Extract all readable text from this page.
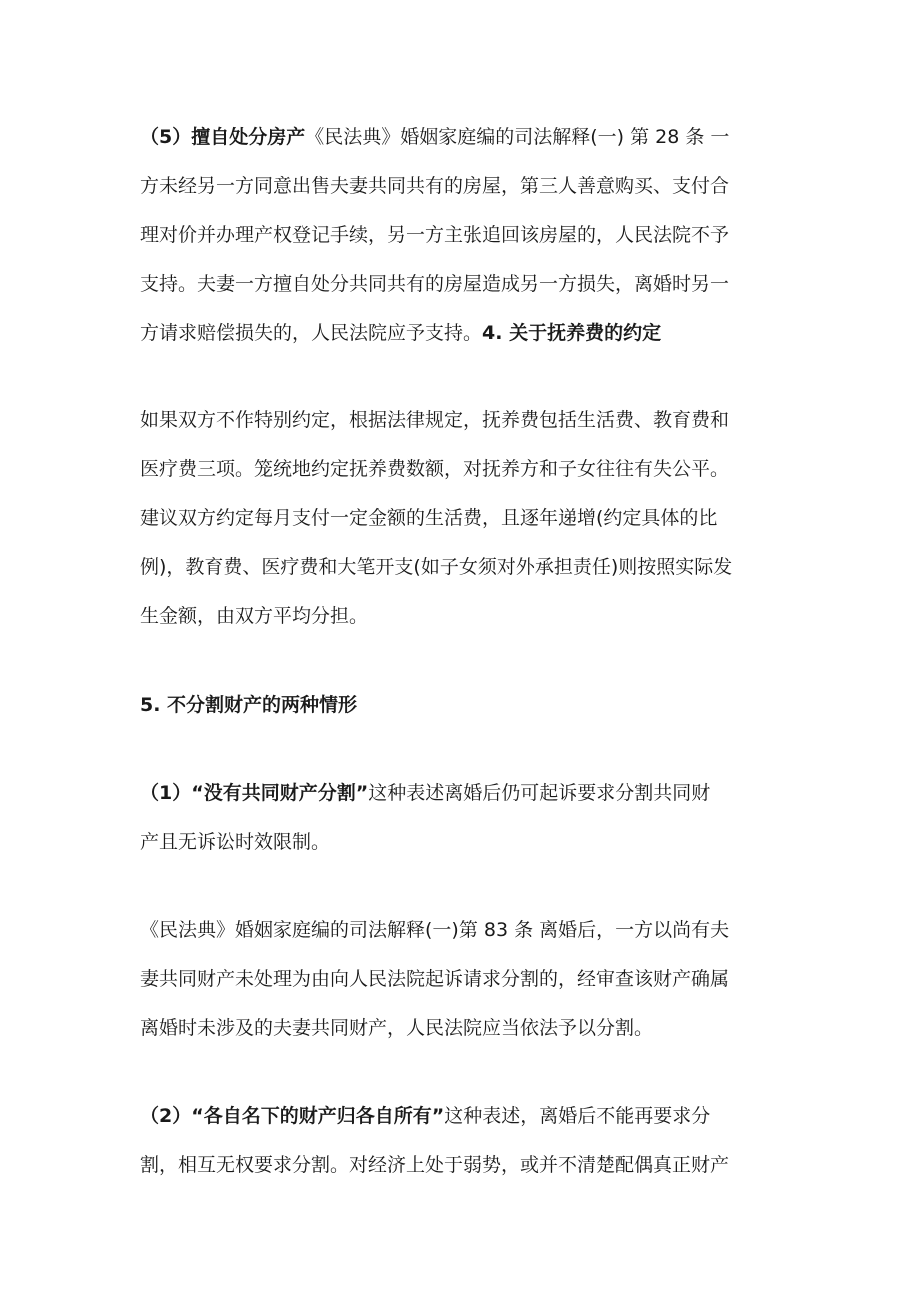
（5）擅自处分房产《民法典》婚姻家庭编的司法解释(一) 第 28 条 一
方未经另一方同意出售夫妻共同共有的房屋，第三人善意购买、支付合
理对价并办理产权登记手续，另一方主张追回该房屋的，人民法院不予
支持。夫妻一方擅自处分共同共有的房屋造成另一方损失，离婚时另一
方请求赔偿损失的，人民法院应予支持。4. 关于抚养费的约定
如果双方不作特别约定，根据法律规定，抚养费包括生活费、教育费和
医疗费三项。笼统地约定抚养费数额，对抚养方和子女往往有失公平。
建议双方约定每月支付一定金额的生活费，且逐年递增(约定具体的比
例)，教育费、医疗费和大笔开支(如子女须对外承担责任)则按照实际发
生金额，由双方平均分担。
5. 不分割财产的两种情形
（1）“没有共同财产分割”这种表述离婚后仍可起诉要求分割共同财
产且无诉讼时效限制。
《民法典》婚姻家庭编的司法解释(一)第 83 条 离婚后，一方以尚有夫
妻共同财产未处理为由向人民法院起诉请求分割的，经审查该财产确属
离婚时未涉及的夫妻共同财产，人民法院应当依法予以分割。
（2）“各自名下的财产归各自所有”这种表述，离婚后不能再要求分
割，相互无权要求分割。对经济上处于弱势，或并不清楚配偶真正财产
